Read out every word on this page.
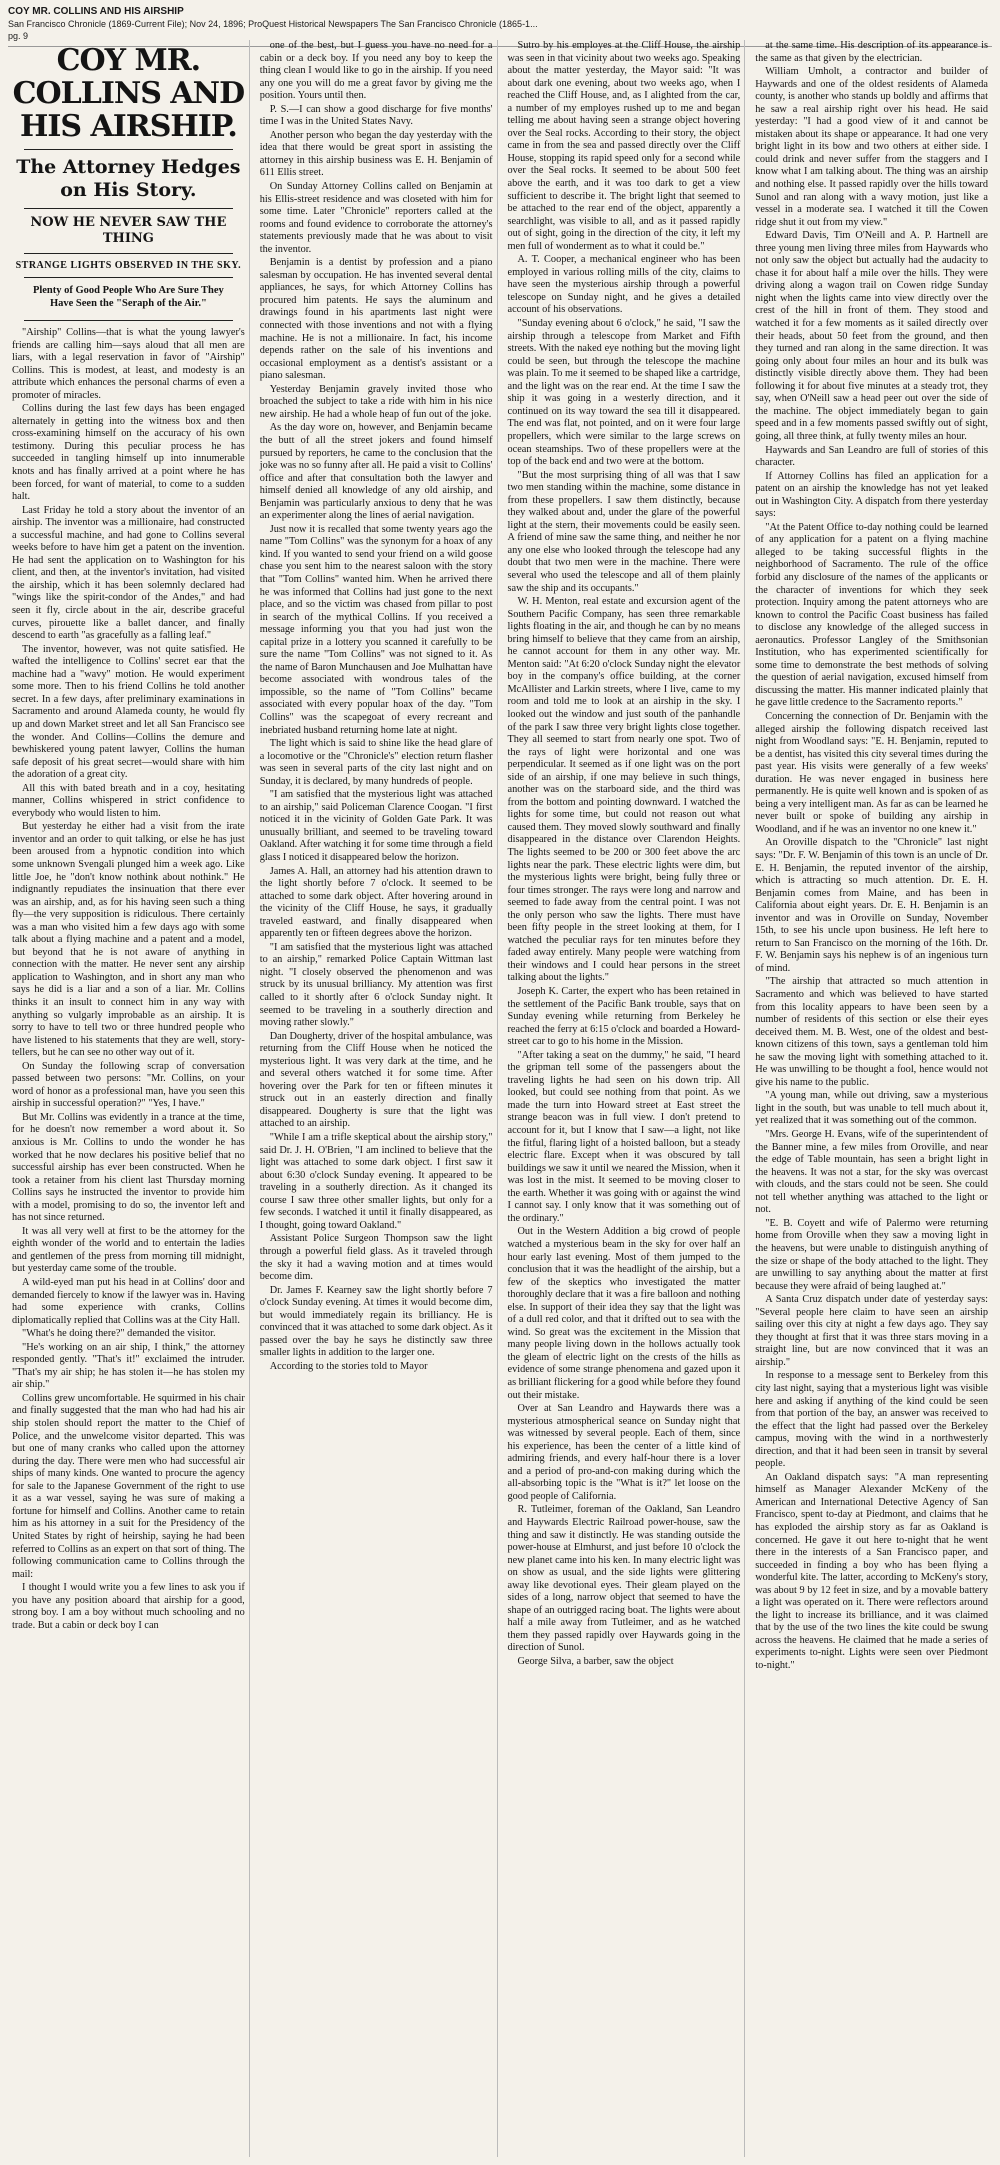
COY MR. COLLINS AND HIS AIRSHIP
San Francisco Chronicle (1869-Current File); Nov 24, 1896; ProQuest Historical Newspapers The San Francisco Chronicle (1865-1...
pg. 9
COY MR. COLLINS AND HIS AIRSHIP.
The Attorney Hedges on His Story.
NOW HE NEVER SAW THE THING
STRANGE LIGHTS OBSERVED IN THE SKY.
Plenty of Good People Who Are Sure They Have Seen the "Seraph of the Air."

"Airship" Collins—that is what the young lawyer's friends are calling him—says aloud that all men are liars, with a legal reservation in favor of "Airship" Collins. This is modest, at least, and modesty is an attribute which enhances the personal charms of even a promoter of miracles.

Collins during the last few days has been engaged alternately in getting into the witness box and then cross-examining himself on the accuracy of his own testimony. During this peculiar process he has succeeded in tangling himself up into innumerable knots and has finally arrived at a point where he has been forced, for want of material, to come to a sudden halt.

Last Friday he told a story about the inventor of an airship. The inventor was a millionaire, had constructed a successful machine, and had gone to Collins several weeks before to have him get a patent on the invention. He had sent the application on to Washington for his client, and then, at the inventor's invitation, had visited the airship, which it has been solemnly declared had "wings like the spirit-condor of the Andes," and had seen it fly, circle about in the air, describe graceful curves, pirouette like a ballet dancer, and finally descend to earth "as gracefully as a falling leaf."

The inventor, however, was not quite satisfied. He wafted the intelligence to Collins' secret ear that the machine had a "wavy" motion. He would experiment some more. Then to his friend Collins he told another secret. In a few days, after preliminary examinations in Sacramento and around Alameda county, he would fly up and down Market street and let all San Francisco see the wonder. And Collins—Collins the demure and bewhiskered young patent lawyer, Collins the human safe deposit of his great secret—would share with him the adoration of a great city.

All this with bated breath and in a coy, hesitating manner, Collins whispered in strict confidence to everybody who would listen to him.

But yesterday he either had a visit from the irate inventor and an order to quit talking, or else he has just been aroused from a hypnotic condition into which some unknown Svengali plunged him a week ago. Like little Joe, he "don't know nothink about nothink." He indignantly repudiates the insinuation that there ever was an airship, and, as for his having seen such a thing fly—the very supposition is ridiculous. There certainly was a man who visited him a few days ago with some talk about a flying machine and a patent and a model, but beyond that he is not aware of anything in connection with the matter. He never sent any airship application to Washington, and in short any man who says he did is a liar and a son of a liar. Mr. Collins thinks it an insult to connect him in any way with anything so vulgarly improbable as an airship. It is sorry to have to tell two or three hundred people who have listened to his statements that they are well, story-tellers, but he can see no other way out of it.

On Sunday the following scrap of conversation passed between two persons: "Mr. Collins, on your word of honor as a professional man, have you seen this airship in successful operation?" "Yes, I have."

But Mr. Collins was evidently in a trance at the time, for he doesn't now remember a word about it. So anxious is Mr. Collins to undo the wonder he has worked that he now declares his positive belief that no successful airship has ever been constructed. When he took a retainer from his client last Thursday morning Collins says he instructed the inventor to provide him with a model, promising to do so, the inventor left and has not since returned.

It was all very well at first to be the attorney for the eighth wonder of the world and to entertain the ladies and gentlemen of the press from morning till midnight, but yesterday came some of the trouble.

A wild-eyed man put his head in at Collins' door and demanded fiercely to know if the lawyer was in. Having had some experience with cranks, Collins diplomatically replied that Collins was at the City Hall.

"What's he doing there?" demanded the visitor.

"He's working on an air ship, I think," the attorney responded gently. "That's it!" exclaimed the intruder. "That's my air ship; he has stolen it—he has stolen my air ship."

Collins grew uncomfortable. He squirmed in his chair and finally suggested that the man who had had his air ship stolen should report the matter to the Chief of Police, and the unwelcome visitor departed. This was but one of many cranks who called upon the attorney during the day. There were men who had successful air ships of many kinds. One wanted to procure the agency for sale to the Japanese Government of the right to use it as a war vessel, saying he was sure of making a fortune for himself and Collins. Another came to retain him as his attorney in a suit for the Presidency of the United States by right of heirship, saying he had been referred to Collins as an expert on that sort of thing. The following communication came to Collins through the mail:

I thought I would write you a few lines to ask you if you have any position aboard that airship for a good, strong boy. I am a boy without much schooling and no trade. But a cabin or deck boy I can

one of the best, but I guess you have no need for a cabin or a deck boy. If you need any boy to keep the thing clean I would like to go in the airship. If you need any one you will do me a great favor by giving me the position. Yours until then.

P. S.—I can show a good discharge for five months' time I was in the United States Navy.

Another person who began the day yesterday with the idea that there would be great sport in assisting the attorney in this airship business was E. H. Benjamin of 611 Ellis street.

On Sunday Attorney Collins called on Benjamin at his Ellis-street residence and was closeted with him for some time. Later "Chronicle" reporters called at the rooms and found evidence to corroborate the attorney's statements previously made that he was about to visit the inventor.

Benjamin is a dentist by profession and a piano salesman by occupation. He has invented several dental appliances, he says, for which Attorney Collins has procured him patents. He says the aluminum and drawings found in his apartments last night were connected with those inventions and not with a flying machine. He is not a millionaire. In fact, his income depends rather on the sale of his inventions and occasional employment as a dentist's assistant or a piano salesman.

Yesterday Benjamin gravely invited those who broached the subject to take a ride with him in his nice new airship. He had a whole heap of fun out of the joke.

As the day wore on, however, and Benjamin became the butt of all the street jokers and found himself pursued by reporters, he came to the conclusion that the joke was no so funny after all. He paid a visit to Collins' office and after that consultation both the lawyer and himself denied all knowledge of any old airship, and Benjamin was particularly anxious to deny that he was an experimenter along the lines of aerial navigation.

Just now it is recalled that some twenty years ago the name "Tom Collins" was the synonym for a hoax of any kind. If you wanted to send your friend on a wild goose chase you sent him to the nearest saloon with the story that "Tom Collins" wanted him. When he arrived there he was informed that Collins had just gone to the next place, and so the victim was chased from pillar to post in search of the mythical Collins. If you received a message informing you that you had just won the capital prize in a lottery you scanned it carefully to be sure the name "Tom Collins" was not signed to it. As the name of Baron Munchausen and Joe Mulhattan have become associated with wondrous tales of the impossible, so the name of "Tom Collins" became associated with every popular hoax of the day. "Tom Collins" was the scapegoat of every recreant and inebriated husband returning home late at night.

The light which is said to shine like the head glare of a locomotive or the "Chronicle's" election return flasher was seen in several parts of the city last night and on Sunday, it is declared, by many hundreds of people.

"I am satisfied that the mysterious light was attached to an airship," said Policeman Clarence Coogan. "I first noticed it in the vicinity of Golden Gate Park. It was unusually brilliant, and seemed to be traveling toward Oakland. After watching it for some time through a field glass I noticed it disappeared below the horizon.

James A. Hall, an attorney had his attention drawn to the light shortly before 7 o'clock. It seemed to be attached to some dark object. After hovering around in the vicinity of the Cliff House, he says, it gradually traveled eastward, and finally disappeared when apparently ten or fifteen degrees above the horizon.

"I am satisfied that the mysterious light was attached to an airship," remarked Police Captain Wittman last night. "I closely observed the phenomenon and was struck by its unusual brilliancy. My attention was first called to it shortly after 6 o'clock Sunday night. It seemed to be traveling in a southerly direction and moving rather slowly."

Dan Dougherty, driver of the hospital ambulance, was returning from the Cliff House when he noticed the mysterious light. It was very dark at the time, and he and several others watched it for some time. After hovering over the Park for ten or fifteen minutes it struck out in an easterly direction and finally disappeared. Dougherty is sure that the light was attached to an airship.

"While I am a trifle skeptical about the airship story," said Dr. J. H. O'Brien, "I am inclined to believe that the light was attached to some dark object. I first saw it about 6:30 o'clock Sunday evening. It appeared to be traveling in a southerly direction. As it changed its course I saw three other smaller lights, but only for a few seconds. I watched it until it finally disappeared, as I thought, going toward Oakland."

Assistant Police Surgeon Thompson saw the light through a powerful field glass. As it traveled through the sky it had a waving motion and at times would become dim.

Dr. James F. Kearney saw the light shortly before 7 o'clock Sunday evening. At times it would become dim, but would immediately regain its brilliancy. He is convinced that it was attached to some dark object. As it passed over the bay he says he distinctly saw three smaller lights in addition to the larger one.

According to the stories told to Mayor

Sutro by his employes at the Cliff House, the airship was seen in that vicinity about two weeks ago. Speaking about the matter yesterday, the Mayor said: "It was about dark one evening, about two weeks ago, when I reached the Cliff House, and, as I alighted from the car, a number of my employes rushed up to me and began telling me about having seen a strange object hovering over the Seal rocks. According to their story, the object came in from the sea and passed directly over the Cliff House, stopping its rapid speed only for a second while over the Seal rocks. It seemed to be about 500 feet above the earth, and it was too dark to get a view sufficient to describe it. The bright light that seemed to be attached to the rear end of the object, apparently a searchlight, was visible to all, and as it passed rapidly out of sight, going in the direction of the city, it left my men full of wonderment as to what it could be."

A. T. Cooper, a mechanical engineer who has been employed in various rolling mills of the city, claims to have seen the mysterious airship through a powerful telescope on Sunday night, and he gives a detailed account of his observations.

"Sunday evening about 6 o'clock," he said, "I saw the airship through a telescope from Market and Fifth streets. With the naked eye nothing but the moving light could be seen, but through the telescope the machine was plain. To me it seemed to be shaped like a cartridge, and the light was on the rear end. At the time I saw the ship it was going in a westerly direction, and it continued on its way toward the sea till it disappeared. The end was flat, not pointed, and on it were four large propellers, which were similar to the large screws on ocean steamships. Two of these propellers were at the top of the back end and two were at the bottom.

"But the most surprising thing of all was that I saw two men standing within the machine, some distance in from these propellers. I saw them distinctly, because they walked about and, under the glare of the powerful light at the stern, their movements could be easily seen. A friend of mine saw the same thing, and neither he nor any one else who looked through the telescope had any doubt that two men were in the machine. There were several who used the telescope and all of them plainly saw the ship and its occupants."

W. H. Menton, real estate and excursion agent of the Southern Pacific Company, has seen three remarkable lights floating in the air, and though he can by no means bring himself to believe that they came from an airship, he cannot account for them in any other way. Mr. Menton said: "At 6:20 o'clock Sunday night the elevator boy in the company's office building, at the corner McAllister and Larkin streets, where I live, came to my room and told me to look at an airship in the sky. I looked out the window and just south of the panhandle of the park I saw three very bright lights close together. They all seemed to start from nearly one spot. Two of the rays of light were horizontal and one was perpendicular. It seemed as if one light was on the port side of an airship, if one may believe in such things, another was on the starboard side, and the third was from the bottom and pointing downward. I watched the lights for some time, but could not reason out what caused them. They moved slowly southward and finally disappeared in the distance over Clarendon Heights. The lights seemed to be 200 or 300 feet above the arc lights near the park. These electric lights were dim, but the mysterious lights were bright, being fully three or four times stronger. The rays were long and narrow and seemed to fade away from the central point. I was not the only person who saw the lights. There must have been fifty people in the street looking at them, for I watched the peculiar rays for ten minutes before they faded away entirely. Many people were watching from their windows and I could hear persons in the street talking about the lights."

Joseph K. Carter, the expert who has been retained in the settlement of the Pacific Bank trouble, says that on Sunday evening while returning from Berkeley he reached the ferry at 6:15 o'clock and boarded a Howard-street car to go to his home in the Mission.

"After taking a seat on the dummy," he said, "I heard the gripman tell some of the passengers about the traveling lights he had seen on his down trip. All looked, but could see nothing from that point. As we made the turn into Howard street at East street the strange beacon was in full view. I don't pretend to account for it, but I know that I saw—a light, not like the fitful, flaring light of a hoisted balloon, but a steady electric flare. Except when it was obscured by tall buildings we saw it until we neared the Mission, when it was lost in the mist. It seemed to be moving closer to the earth. Whether it was going with or against the wind I cannot say. I only know that it was something out of the ordinary."

Out in the Western Addition a big crowd of people watched a mysterious beam in the sky for over half an hour early last evening. Most of them jumped to the conclusion that it was the headlight of the airship, but a few of the skeptics who investigated the matter thoroughly declare that it was a fire balloon and nothing else. In support of their idea they say that the light was of a dull red color, and that it drifted out to sea with the wind. So great was the excitement in the Mission that many people living down in the hollows actually took the gleam of electric light on the crests of the hills as evidence of some strange phenomena and gazed upon it as brilliant flickering for a good while before they found out their mistake.

Over at San Leandro and Haywards there was a mysterious atmospherical seance on Sunday night that was witnessed by several people. Each of them, since his experience, has been the center of a little kind of admiring friends, and every half-hour there is a lover and a period of pro-and-con making during which the all-absorbing topic is the "What is it?" let loose on the good people of California.

R. Tutleimer, foreman of the Oakland, San Leandro and Haywards Electric Railroad power-house, saw the thing and saw it distinctly. He was standing outside the power-house at Elmhurst, and just before 10 o'clock the new planet came into his ken. In many electric light was on show as usual, and the side lights were glittering away like devotional eyes. Their gleam played on the sides of a long, narrow object that seemed to have the shape of an outrigged racing boat. The lights were about half a mile away from Tutleimer, and as he watched them they passed rapidly over Haywards going in the direction of Sunol.

George Silva, a barber, saw the object

at the same time. His description of its appearance is the same as that given by the electrician.

William Umholt, a contractor and builder of Haywards and one of the oldest residents of Alameda county, is another who stands up boldly and affirms that he saw a real airship right over his head. He said yesterday: "I had a good view of it and cannot be mistaken about its shape or appearance. It had one very bright light in its bow and two others at either side. I could drink and never suffer from the staggers and I know what I am talking about. The thing was an airship and nothing else. It passed rapidly over the hills toward Sunol and ran along with a wavy motion, just like a vessel in a moderate sea. I watched it till the Cowen ridge shut it out from my view."

Edward Davis, Tim O'Neill and A. P. Hartnell are three young men living three miles from Haywards who not only saw the object but actually had the audacity to chase it for about half a mile over the hills. They were driving along a wagon trail on Cowen ridge Sunday night when the lights came into view directly over the crest of the hill in front of them. They stood and watched it for a few moments as it sailed directly over their heads, about 50 feet from the ground, and then they turned and ran along in the same direction. It was going only about four miles an hour and its bulk was distinctly visible directly above them. They had been following it for about five minutes at a steady trot, they say, when O'Neill saw a head peer out over the side of the machine. The object immediately began to gain speed and in a few moments passed swiftly out of sight, going, all three think, at fully twenty miles an hour.

Haywards and San Leandro are full of stories of this character.

If Attorney Collins has filed an application for a patent on an airship the knowledge has not yet leaked out in Washington City. A dispatch from there yesterday says:

"At the Patent Office to-day nothing could be learned of any application for a patent on a flying machine alleged to be taking successful flights in the neighborhood of Sacramento. The rule of the office forbid any disclosure of the names of the applicants or the character of inventions for which they seek protection. Inquiry among the patent attorneys who are known to control the Pacific Coast business has failed to disclose any knowledge of the alleged success in aeronautics. Professor Langley of the Smithsonian Institution, who has experimented scientifically for some time to demonstrate the best methods of solving the question of aerial navigation, excused himself from discussing the matter. His manner indicated plainly that he gave little credence to the Sacramento reports."

Concerning the connection of Dr. Benjamin with the alleged airship the following dispatch received last night from Woodland says: "E. H. Benjamin, reputed to be a dentist, has visited this city several times during the past year. His visits were generally of a few weeks' duration. He was never engaged in business here permanently. He is quite well known and is spoken of as being a very intelligent man. As far as can be learned he never built or spoke of building any airship in Woodland, and if he was an inventor no one knew it."

An Oroville dispatch to the "Chronicle" last night says: "Dr. F. W. Benjamin of this town is an uncle of Dr. E. H. Benjamin, the reputed inventor of the airship, which is attracting so much attention. Dr. E. H. Benjamin comes from Maine, and has been in California about eight years. Dr. E. H. Benjamin is an inventor and was in Oroville on Sunday, November 15th, to see his uncle upon business. He left here to return to San Francisco on the morning of the 16th. Dr. F. W. Benjamin says his nephew is of an ingenious turn of mind.

"The airship that attracted so much attention in Sacramento and which was believed to have started from this locality appears to have been seen by a number of residents of this section or else their eyes deceived them. M. B. West, one of the oldest and best-known citizens of this town, says a gentleman told him he saw the moving light with something attached to it. He was unwilling to be thought a fool, hence would not give his name to the public.

"A young man, while out driving, saw a mysterious light in the south, but was unable to tell much about it, yet realized that it was something out of the common.

"Mrs. George H. Evans, wife of the superintendent of the Banner mine, a few miles from Oroville, and near the edge of Table mountain, has seen a bright light in the heavens. It was not a star, for the sky was overcast with clouds, and the stars could not be seen. She could not tell whether anything was attached to the light or not.

"E. B. Coyett and wife of Palermo were returning home from Oroville when they saw a moving light in the heavens, but were unable to distinguish anything of the size or shape of the body attached to the light. They are unwilling to say anything about the matter at first because they were afraid of being laughed at."

A Santa Cruz dispatch under date of yesterday says: "Several people here claim to have seen an airship sailing over this city at night a few days ago. They say they thought at first that it was three stars moving in a straight line, but are now convinced that it was an airship."

In response to a message sent to Berkeley from this city last night, saying that a mysterious light was visible here and asking if anything of the kind could be seen from that portion of the bay, an answer was received to the effect that the light had passed over the Berkeley campus, moving with the wind in a northwesterly direction, and that it had been seen in transit by several people.

An Oakland dispatch says: "A man representing himself as Manager Alexander McKeny of the American and International Detective Agency of San Francisco, spent to-day at Piedmont, and claims that he has exploded the airship story as far as Oakland is concerned. He gave it out here to-night that he went there in the interests of a San Francisco paper, and succeeded in finding a boy who has been flying a wonderful kite. The latter, according to McKeny's story, was about 9 by 12 feet in size, and by a movable battery a light was operated on it. There were reflectors around the light to increase its brilliance, and it was claimed that by the use of the two lines the kite could be swung across the heavens. He claimed that he made a series of experiments to-night. Lights were seen over Piedmont to-night."
